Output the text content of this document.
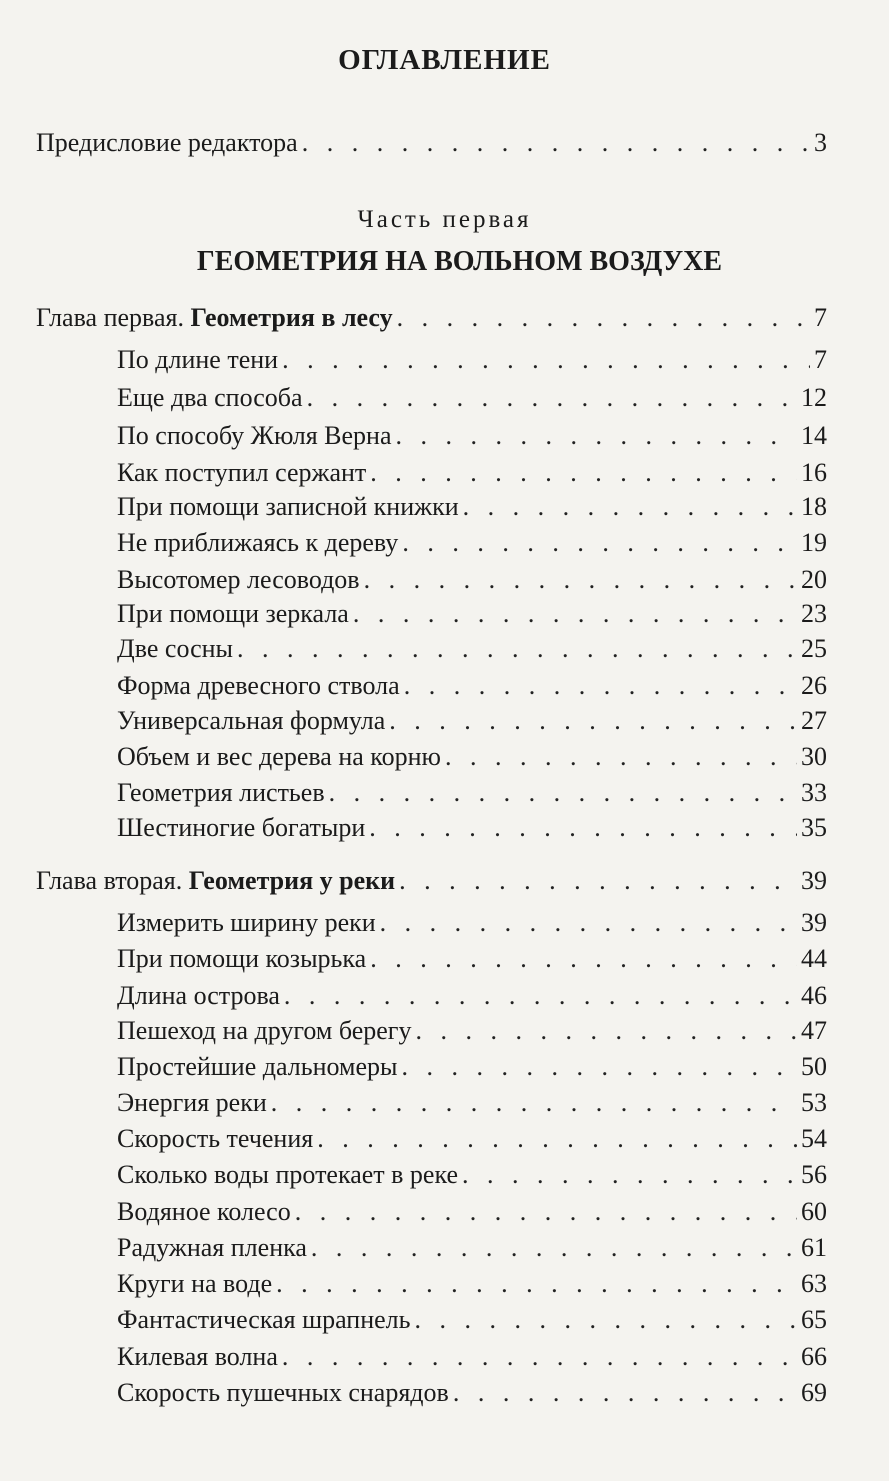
ОГЛАВЛЕНИЕ
Предисловие редактора . . .	3
Часть первая
ГЕОМЕТРИЯ НА ВОЛЬНОМ ВОЗДУХЕ
Глава первая. Геометрия в лесу . . .	7
По длине тени . . .	7
Еще два способа . . .	12
По способу Жюля Верна . . .	14
Как поступил сержант . . .	16
При помощи записной книжки . . .	18
Не приближаясь к дереву . . .	19
Высотомер лесоводов . . .	20
При помощи зеркала . . .	23
Две сосны . . .	25
Форма древесного ствола . . .	26
Универсальная формула . . .	27
Объем и вес дерева на корню . . .	30
Геометрия листьев . . .	33
Шестиногие богатыри . . .	35
Глава вторая. Геометрия у реки . . .	39
Измерить ширину реки . . .	39
При помощи козырька . . .	44
Длина острова . . .	46
Пешеход на другом берегу . . .	47
Простейшие дальномеры . . .	50
Энергия реки . . .	53
Скорость течения . . .	54
Сколько воды протекает в реке . . .	56
Водяное колесо . . .	60
Радужная пленка . . .	61
Круги на воде . . .	63
Фантастическая шрапнель . . .	65
Килевая волна . . .	66
Скорость пушечных снарядов . . .	69
